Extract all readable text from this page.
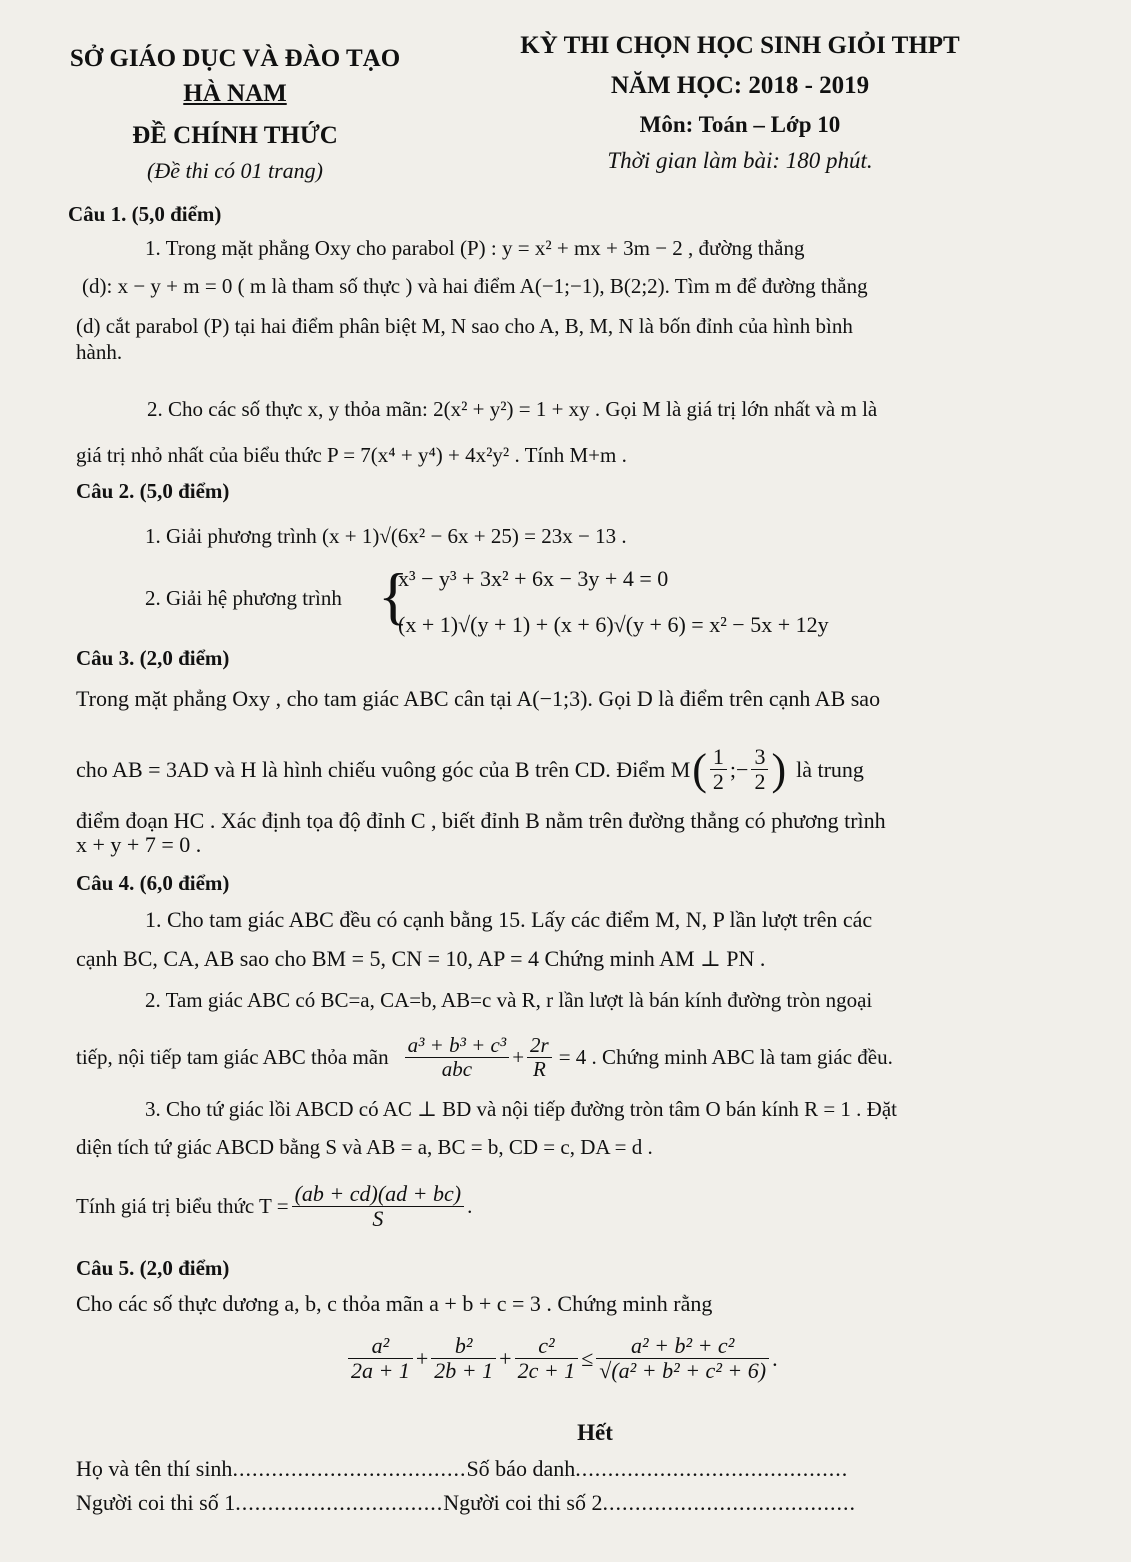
SỞ GIÁO DỤC VÀ ĐÀO TẠO
HÀ NAM
ĐỀ CHÍNH THỨC
(Đề thi có 01 trang)
KỲ THI CHỌN HỌC SINH GIỎI THPT
NĂM HỌC: 2018 - 2019
Môn: Toán – Lớp 10
Thời gian làm bài: 180 phút.
Câu 1. (5,0 điểm)
1. Trong mặt phẳng Oxy cho parabol (P) : y = x² + mx + 3m − 2 , đường thẳng
(d): x − y + m = 0 ( m là tham số thực ) và hai điểm A(−1;−1), B(2;2). Tìm m để đường thẳng
(d) cắt parabol (P) tại hai điểm phân biệt M, N sao cho A, B, M, N là bốn đỉnh của hình bình
hành.
2. Cho các số thực x, y thỏa mãn: 2(x² + y²) = 1 + xy . Gọi M là giá trị lớn nhất và m là
giá trị nhỏ nhất của biểu thức P = 7(x⁴ + y⁴) + 4x²y² . Tính M+m .
Câu 2. (5,0 điểm)
1. Giải phương trình (x + 1)√(6x² − 6x + 25) = 23x − 13 .
2. Giải hệ phương trình {
x³ − y³ + 3x² + 6x − 3y + 4 = 0
(x + 1)√(y + 1) + (x + 6)√(y + 6) = x² − 5x + 12y
Câu 3. (2,0 điểm)
Trong mặt phẳng Oxy , cho tam giác ABC cân tại A(−1;3). Gọi D là điểm trên cạnh AB sao
cho AB = 3AD và H là hình chiếu vuông góc của B trên CD. Điểm M ( $\frac{1}{2}$ ;− $\frac{3}{2}$ ) là trung
điểm đoạn HC . Xác định tọa độ đỉnh C , biết đỉnh B nằm trên đường thẳng có phương trình
x + y + 7 = 0 .
Câu 4. (6,0 điểm)
1. Cho tam giác ABC đều có cạnh bằng 15. Lấy các điểm M, N, P lần lượt trên các
cạnh BC, CA, AB sao cho BM = 5, CN = 10, AP = 4 Chứng minh AM ⊥ PN .
2. Tam giác ABC có BC=a, CA=b, AB=c và R, r lần lượt là bán kính đường tròn ngoại
tiếp, nội tiếp tam giác ABC thỏa mãn $\frac{\text{a³ + b³ + c³}}{\text{abc}} + \frac{2r}{R} = 4$ . Chứng minh ABC là tam giác đều.
3. Cho tứ giác lồi ABCD có AC ⊥ BD và nội tiếp đường tròn tâm O bán kính R = 1 . Đặt
diện tích tứ giác ABCD bằng S và AB = a, BC = b, CD = c, DA = d .
Tính giá trị biểu thức $T = \frac{(ab + cd)(ad + bc)}{S}$ .
Câu 5. (2,0 điểm)
Cho các số thực dương a, b, c thỏa mãn a + b + c = 3 . Chứng minh rằng
$\frac{\text{a²}}{2a + 1} + \frac{\text{b²}}{2b + 1} + \frac{\text{c²}}{2c + 1} \le \frac{\text{a² + b² + c²}}{\text{√(a² + b² + c² + 6)}}$ .
Hết
Họ và tên thí sinh....................................Số báo danh..........................................
Người coi thi số 1................................Người coi thi số 2.......................................
